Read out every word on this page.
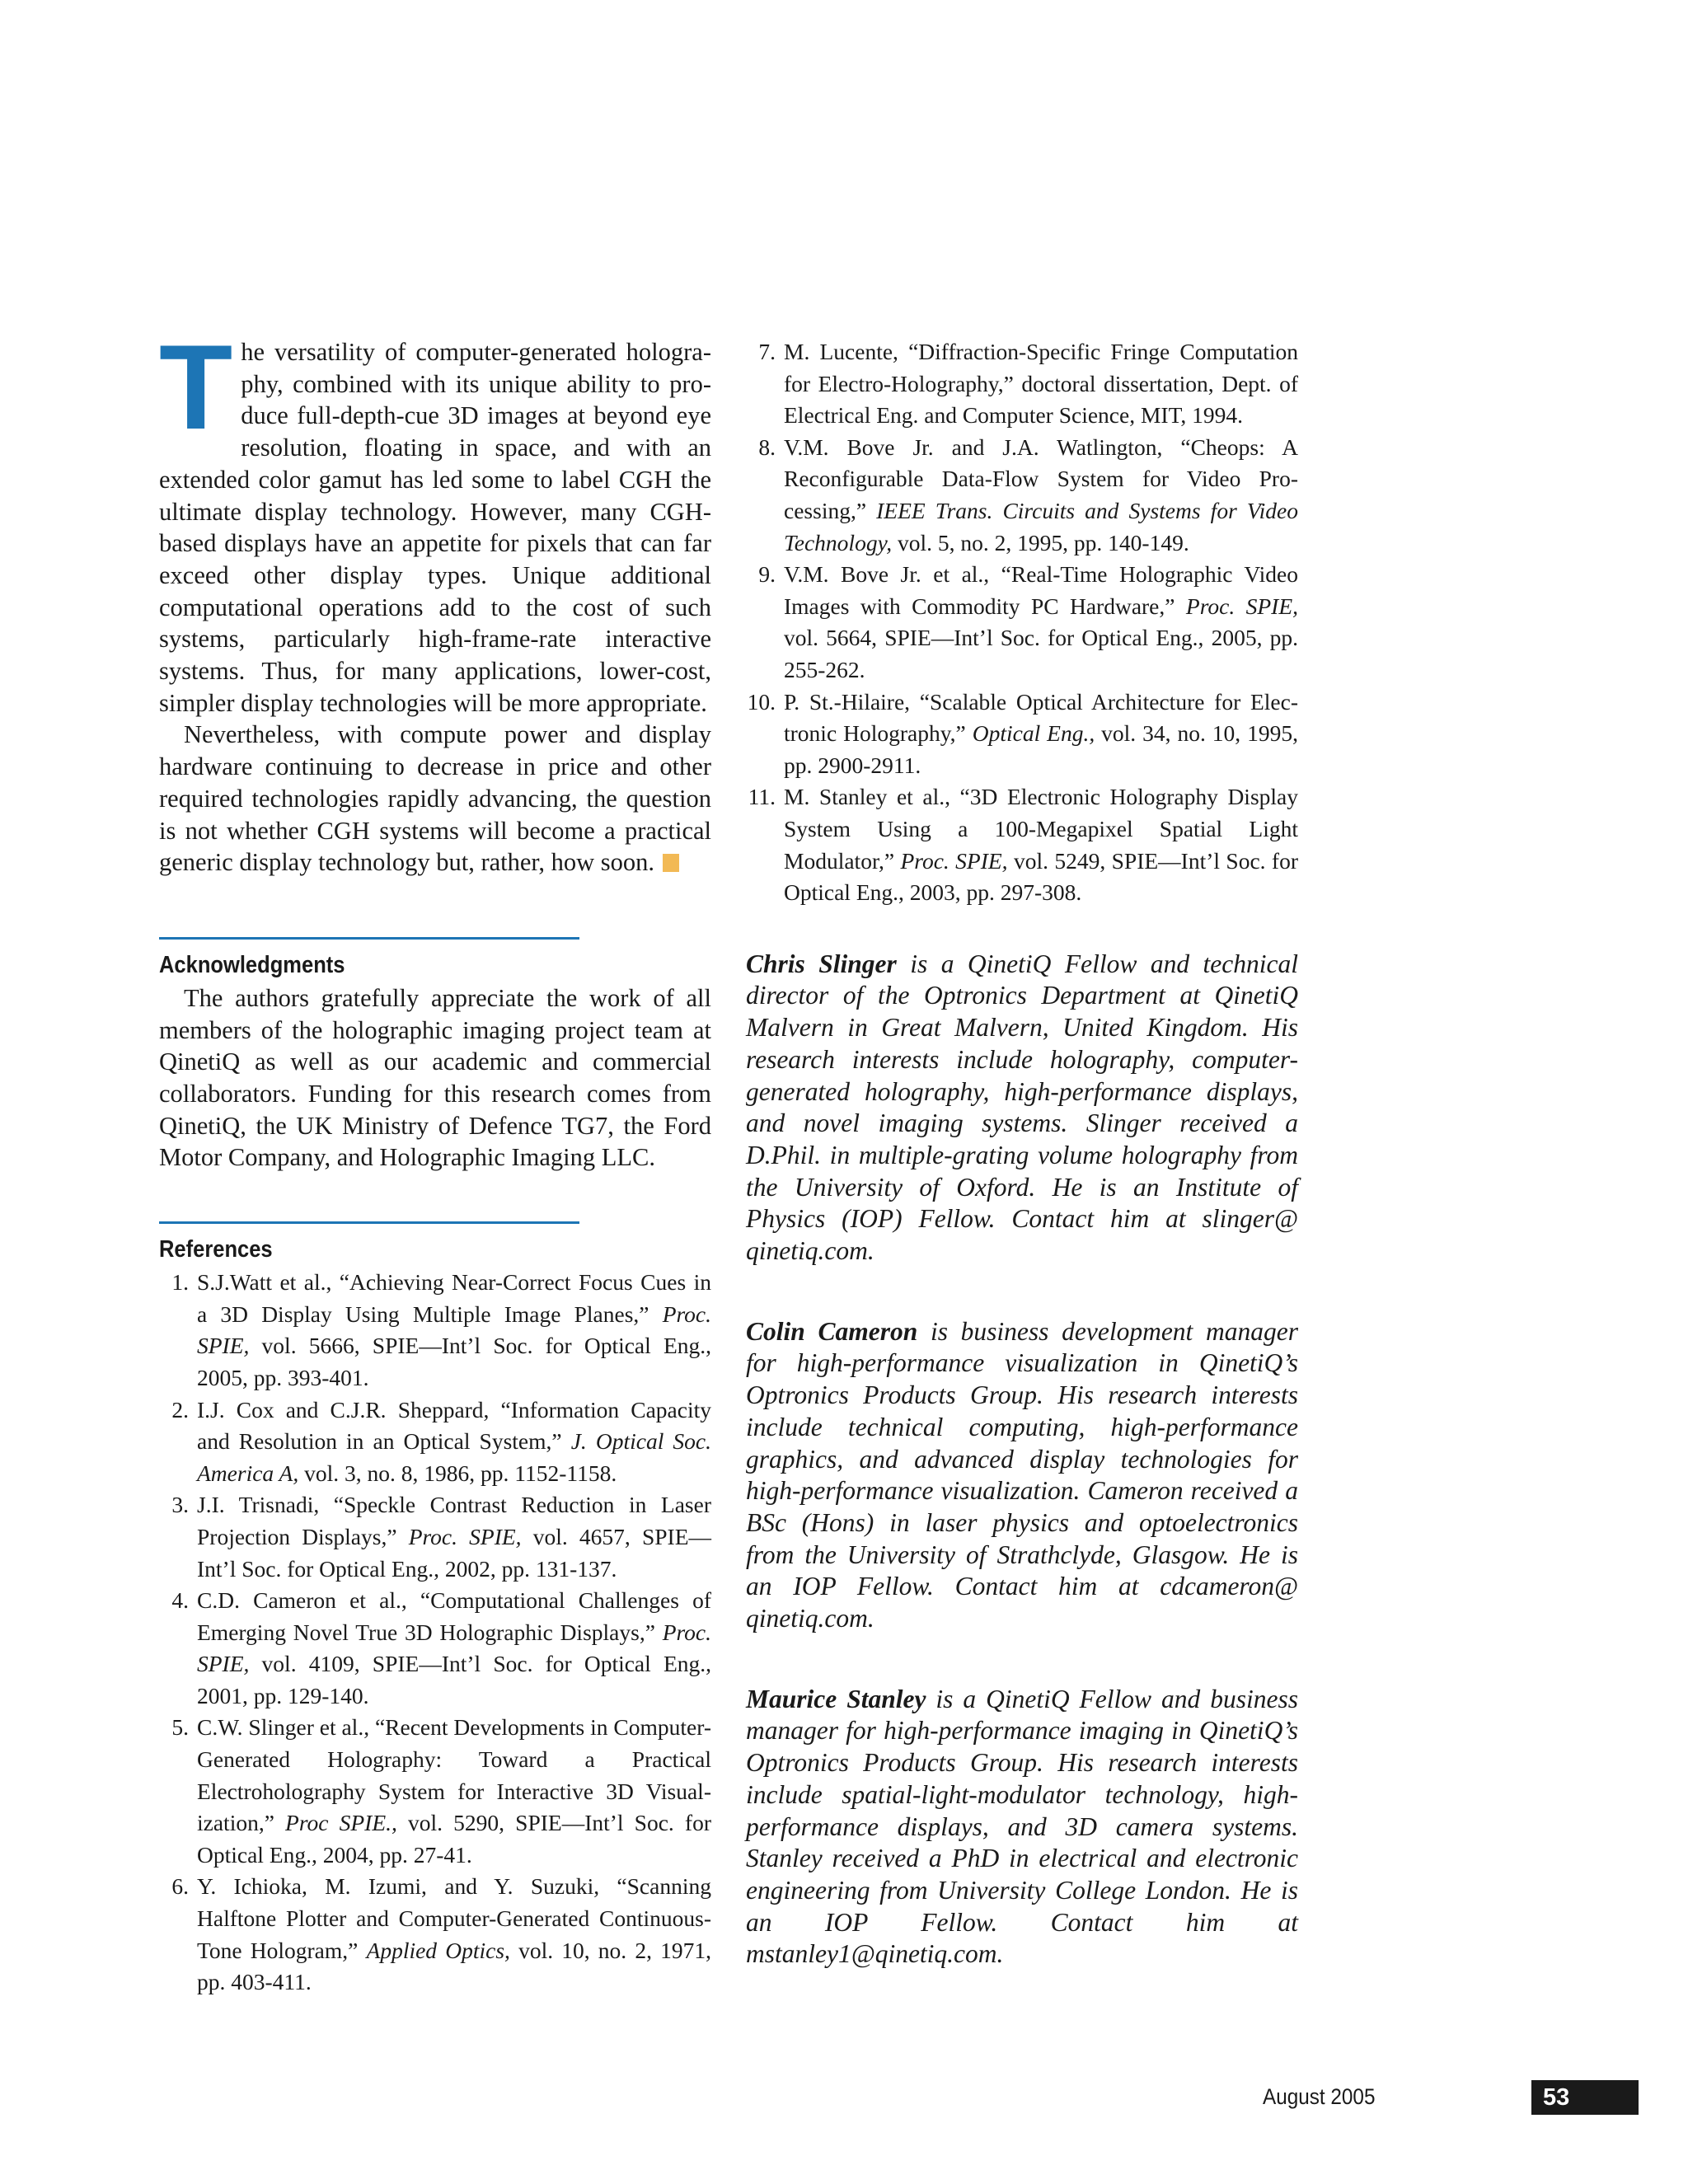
The versatility of computer-generated holography, combined with its unique ability to produce full-depth-cue 3D images at beyond eye resolution, floating in space, and with an extended color gamut has led some to label CGH the ultimate display technology. However, many CGH-based displays have an appetite for pixels that can far exceed other display types. Unique additional computational operations add to the cost of such systems, particularly high-frame-rate interactive systems. Thus, for many applications, lower-cost, simpler display technologies will be more appropriate.

Nevertheless, with compute power and display hardware continuing to decrease in price and other required technologies rapidly advancing, the question is not whether CGH systems will become a practical generic display technology but, rather, how soon.

Acknowledgments

The authors gratefully appreciate the work of all members of the holographic imaging project team at QinetiQ as well as our academic and commercial collaborators. Funding for this research comes from QinetiQ, the UK Ministry of Defence TG7, the Ford Motor Company, and Holographic Imaging LLC.

References
1. S.J.Watt et al., “Achieving Near-Correct Focus Cues in a 3D Display Using Multiple Image Planes,” Proc. SPIE, vol. 5666, SPIE—Int’l Soc. for Optical Eng., 2005, pp. 393-401.
2. I.J. Cox and C.J.R. Sheppard, “Information Capacity and Resolution in an Optical System,” J. Optical Soc. America A, vol. 3, no. 8, 1986, pp. 1152-1158.
3. J.I. Trisnadi, “Speckle Contrast Reduction in Laser Projection Displays,” Proc. SPIE, vol. 4657, SPIE—Int’l Soc. for Optical Eng., 2002, pp. 131-137.
4. C.D. Cameron et al., “Computational Challenges of Emerging Novel True 3D Holographic Displays,” Proc. SPIE, vol. 4109, SPIE—Int’l Soc. for Optical Eng., 2001, pp. 129-140.
5. C.W. Slinger et al., “Recent Developments in Computer-Generated Holography: Toward a Practical Electroholography System for Interactive 3D Visualization,” Proc SPIE., vol. 5290, SPIE—Int’l Soc. for Optical Eng., 2004, pp. 27-41.
6. Y. Ichioka, M. Izumi, and Y. Suzuki, “Scanning Halftone Plotter and Computer-Generated Continuous-Tone Hologram,” Applied Optics, vol. 10, no. 2, 1971, pp. 403-411.
7. M. Lucente, “Diffraction-Specific Fringe Computation for Electro-Holography,” doctoral dissertation, Dept. of Electrical Eng. and Computer Science, MIT, 1994.
8. V.M. Bove Jr. and J.A. Watlington, “Cheops: A Reconfigurable Data-Flow System for Video Processing,” IEEE Trans. Circuits and Systems for Video Technology, vol. 5, no. 2, 1995, pp. 140-149.
9. V.M. Bove Jr. et al., “Real-Time Holographic Video Images with Commodity PC Hardware,” Proc. SPIE, vol. 5664, SPIE—Int’l Soc. for Optical Eng., 2005, pp. 255-262.
10. P. St.-Hilaire, “Scalable Optical Architecture for Electronic Holography,” Optical Eng., vol. 34, no. 10, 1995, pp. 2900-2911.
11. M. Stanley et al., “3D Electronic Holography Display System Using a 100-Megapixel Spatial Light Modulator,” Proc. SPIE, vol. 5249, SPIE—Int’l Soc. for Optical Eng., 2003, pp. 297-308.

Chris Slinger is a QinetiQ Fellow and technical director of the Optronics Department at QinetiQ Malvern in Great Malvern, United Kingdom. His research interests include holography, computer-generated holography, high-performance displays, and novel imaging systems. Slinger received a D.Phil. in multiple-grating volume holography from the University of Oxford. He is an Institute of Physics (IOP) Fellow. Contact him at slinger@ qinetiq.com.

Colin Cameron is business development manager for high-performance visualization in QinetiQ’s Optronics Products Group. His research interests include technical computing, high-performance graphics, and advanced display technologies for high-performance visualization. Cameron received a BSc (Hons) in laser physics and optoelectronics from the University of Strathclyde, Glasgow. He is an IOP Fellow. Contact him at cdcameron@ qinetiq.com.

Maurice Stanley is a QinetiQ Fellow and business manager for high-performance imaging in QinetiQ’s Optronics Products Group. His research interests include spatial-light-modulator technology, high-performance displays, and 3D camera systems. Stanley received a PhD in electrical and electronic engineering from University College London. He is an IOP Fellow. Contact him at mstanley1@qinetiq.com.

August 2005	53
